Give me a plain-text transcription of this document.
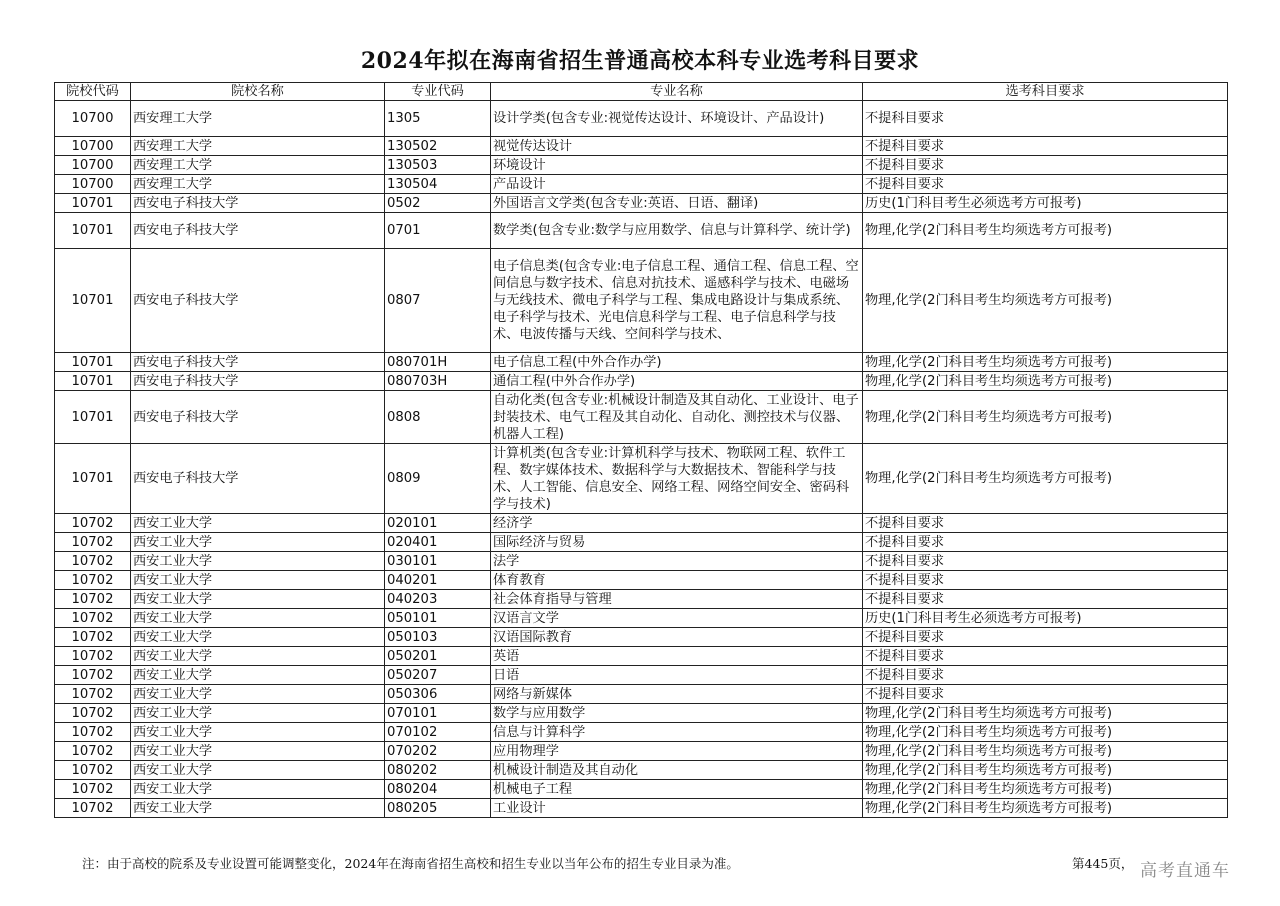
2024年拟在海南省招生普通高校本科专业选考科目要求
院校代码	院校名称	专业代码	专业名称	选考科目要求
10700	西安理工大学	1305	设计学类(包含专业:视觉传达设计、环境设计、产品设计)	不提科目要求
10700	西安理工大学	130502	视觉传达设计	不提科目要求
10700	西安理工大学	130503	环境设计	不提科目要求
10700	西安理工大学	130504	产品设计	不提科目要求
10701	西安电子科技大学	0502	外国语言文学类(包含专业:英语、日语、翻译)	历史(1门科目考生必须选考方可报考)
10701	西安电子科技大学	0701	数学类(包含专业:数学与应用数学、信息与计算科学、统计学)	物理,化学(2门科目考生均须选考方可报考)
10701	西安电子科技大学	0807	电子信息类(包含专业:电子信息工程、通信工程、信息工程、空间信息与数字技术、信息对抗技术、遥感科学与技术、电磁场与无线技术、微电子科学与工程、集成电路设计与集成系统、电子科学与技术、光电信息科学与工程、电子信息科学与技术、电波传播与天线、空间科学与技术、	物理,化学(2门科目考生均须选考方可报考)
10701	西安电子科技大学	080701H	电子信息工程(中外合作办学)	物理,化学(2门科目考生均须选考方可报考)
10701	西安电子科技大学	080703H	通信工程(中外合作办学)	物理,化学(2门科目考生均须选考方可报考)
10701	西安电子科技大学	0808	自动化类(包含专业:机械设计制造及其自动化、工业设计、电子封装技术、电气工程及其自动化、自动化、测控技术与仪器、机器人工程)	物理,化学(2门科目考生均须选考方可报考)
10701	西安电子科技大学	0809	计算机类(包含专业:计算机科学与技术、物联网工程、软件工程、数字媒体技术、数据科学与大数据技术、智能科学与技术、人工智能、信息安全、网络工程、网络空间安全、密码科学与技术)	物理,化学(2门科目考生均须选考方可报考)
10702	西安工业大学	020101	经济学	不提科目要求
10702	西安工业大学	020401	国际经济与贸易	不提科目要求
10702	西安工业大学	030101	法学	不提科目要求
10702	西安工业大学	040201	体育教育	不提科目要求
10702	西安工业大学	040203	社会体育指导与管理	不提科目要求
10702	西安工业大学	050101	汉语言文学	历史(1门科目考生必须选考方可报考)
10702	西安工业大学	050103	汉语国际教育	不提科目要求
10702	西安工业大学	050201	英语	不提科目要求
10702	西安工业大学	050207	日语	不提科目要求
10702	西安工业大学	050306	网络与新媒体	不提科目要求
10702	西安工业大学	070101	数学与应用数学	物理,化学(2门科目考生均须选考方可报考)
10702	西安工业大学	070102	信息与计算科学	物理,化学(2门科目考生均须选考方可报考)
10702	西安工业大学	070202	应用物理学	物理,化学(2门科目考生均须选考方可报考)
10702	西安工业大学	080202	机械设计制造及其自动化	物理,化学(2门科目考生均须选考方可报考)
10702	西安工业大学	080204	机械电子工程	物理,化学(2门科目考生均须选考方可报考)
10702	西安工业大学	080205	工业设计	物理,化学(2门科目考生均须选考方可报考)
注：由于高校的院系及专业设置可能调整变化，2024年在海南省招生高校和招生专业以当年公布的招生专业目录为准。	第445页， 高考直通车
